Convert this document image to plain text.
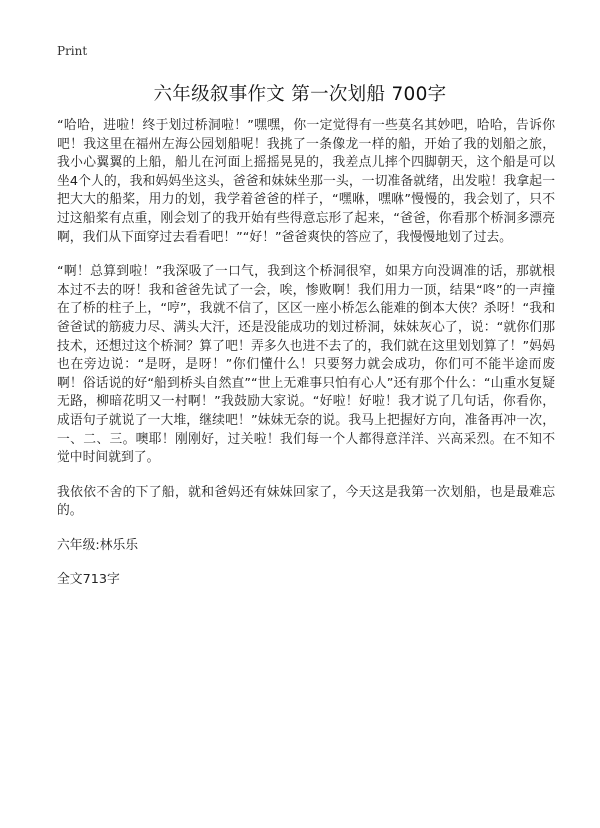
Print
六年级叙事作文 第一次划船 700字

“哈哈，进啦！终于划过桥洞啦！”嘿嘿，你一定觉得有一些莫名其妙吧，哈哈，告诉你吧！我这里在福州左海公园划船呢！我挑了一条像龙一样的船，开始了我的划船之旅，我小心翼翼的上船，船儿在河面上摇摇晃晃的，我差点儿摔个四脚朝天，这个船是可以坐4个人的，我和妈妈坐这头，爸爸和妹妹坐那一头，一切准备就绪，出发啦！我拿起一把大大的船桨，用力的划，我学着爸爸的样子，“嘿咻，嘿咻”慢慢的，我会划了，只不过这船桨有点重，刚会划了的我开始有些得意忘形了起来，“爸爸，你看那个桥洞多漂亮啊，我们从下面穿过去看看吧！”“好！”爸爸爽快的答应了，我慢慢地划了过去。

“啊！总算到啦！”我深吸了一口气，我到这个桥洞很窄，如果方向没调准的话，那就根本过不去的呀！我和爸爸先试了一会，唉，惨败啊！我们用力一顶，结果“咚”的一声撞在了桥的柱子上，“哼”，我就不信了，区区一座小桥怎么能难的倒本大侠？杀呀！“我和爸爸试的筋疲力尽、满头大汗，还是没能成功的划过桥洞，妹妹灰心了，说：“就你们那技术，还想过这个桥洞？算了吧！弄多久也进不去了的，我们就在这里划划算了！”妈妈也在旁边说：“是呀，是呀！”你们懂什么！只要努力就会成功，你们可不能半途而废啊！俗话说的好“船到桥头自然直”“世上无难事只怕有心人”还有那个什么：“山重水复疑无路，柳暗花明又一村啊！”我鼓励大家说。“好啦！好啦！我才说了几句话，你看你，成语句子就说了一大堆，继续吧！”妹妹无奈的说。我马上把握好方向，准备再冲一次，一、二、三。噢耶！刚刚好，过关啦！我们每一个人都得意洋洋、兴高采烈。在不知不觉中时间就到了。

我依依不舍的下了船，就和爸妈还有妹妹回家了，今天这是我第一次划船，也是最难忘的。

六年级:林乐乐

全文713字
